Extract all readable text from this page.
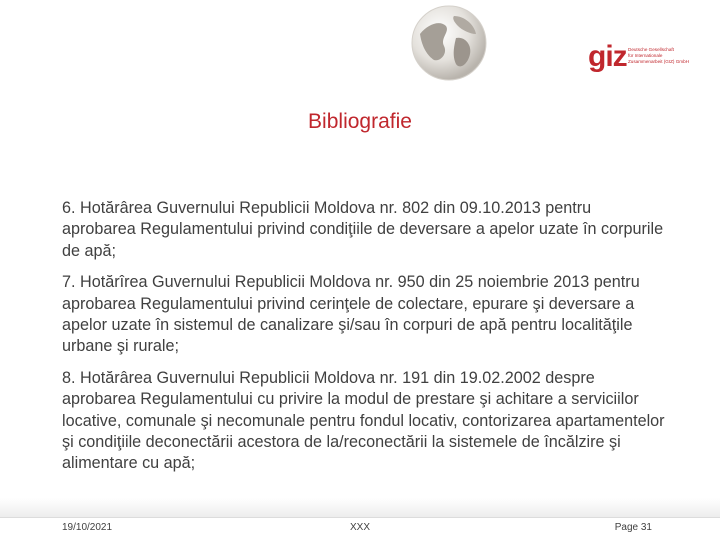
giz Deutsche Gesellschaft
für Internationale
Zusammenarbeit (GIZ) GmbH
Bibliografie

6. Hotărârea Guvernului Republicii Moldova nr. 802 din 09.10.2013 pentru aprobarea Regulamentului privind condiţiile de deversare a apelor uzate în corpurile de apă;

7. Hotărîrea Guvernului Republicii Moldova nr. 950 din 25 noiembrie 2013 pentru aprobarea Regulamentului privind cerinţele de colectare, epurare şi deversare a apelor uzate în sistemul de canalizare şi/sau în corpuri de apă pentru localităţile urbane şi rurale;

8. Hotărârea Guvernului Republicii Moldova nr. 191 din 19.02.2002 despre aprobarea Regulamentului cu privire la modul de prestare şi achitare a serviciilor locative, comunale şi necomunale pentru fondul locativ, contorizarea apartamentelor şi condiţiile deconectării acestora de la/reconectării la sistemele de încălzire şi alimentare cu apă;

19/10/2021	XXX	Page 31
